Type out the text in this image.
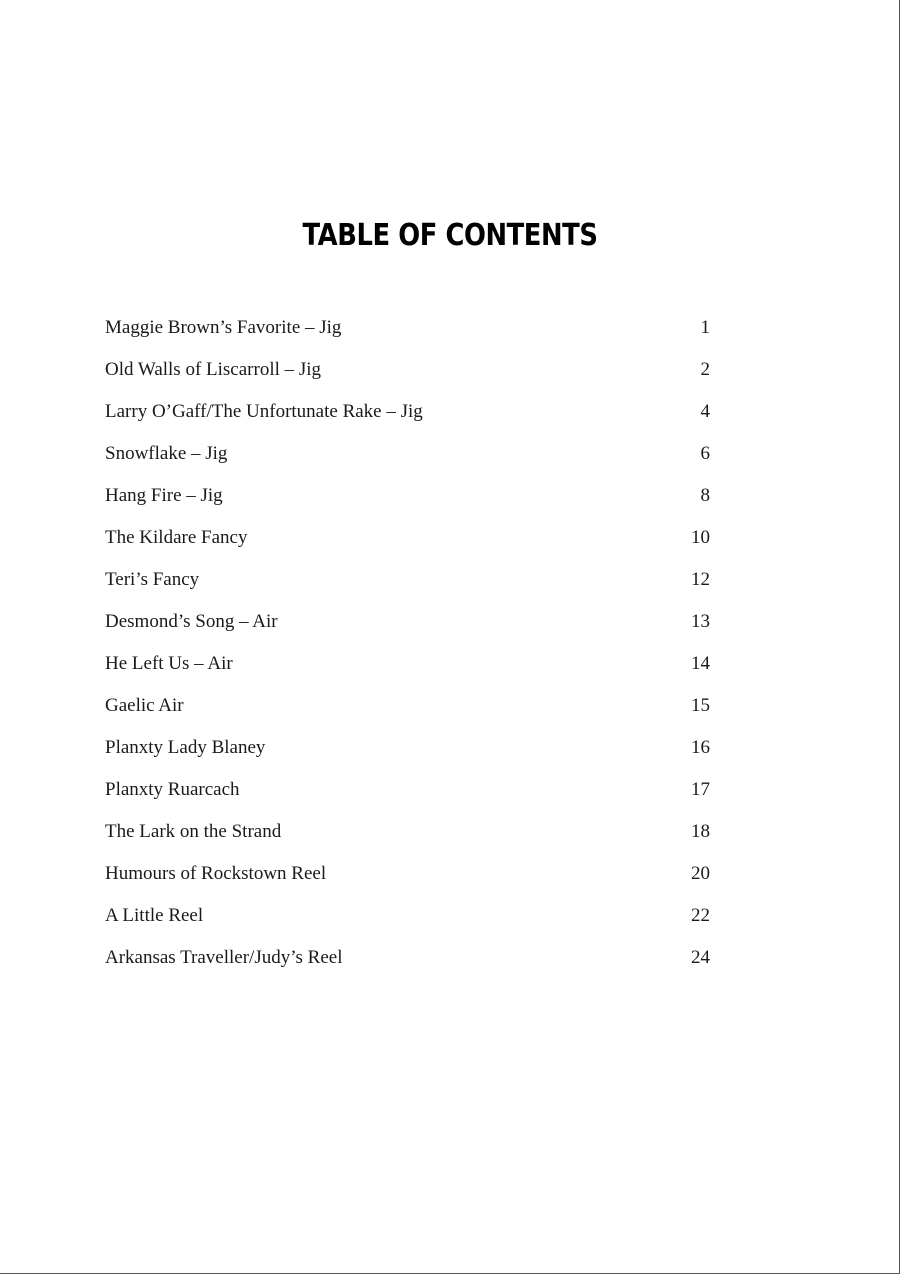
TABLE OF CONTENTS
Maggie Brown’s Favorite – Jig	1
Old Walls of Liscarroll – Jig	2
Larry O’Gaff/The Unfortunate Rake – Jig	4
Snowflake – Jig	6
Hang Fire – Jig	8
The Kildare Fancy	10
Teri’s Fancy	12
Desmond’s Song – Air	13
He Left Us – Air	14
Gaelic Air	15
Planxty Lady Blaney	16
Planxty Ruarcach	17
The Lark on the Strand	18
Humours of Rockstown Reel	20
A Little Reel	22
Arkansas Traveller/Judy’s Reel	24
